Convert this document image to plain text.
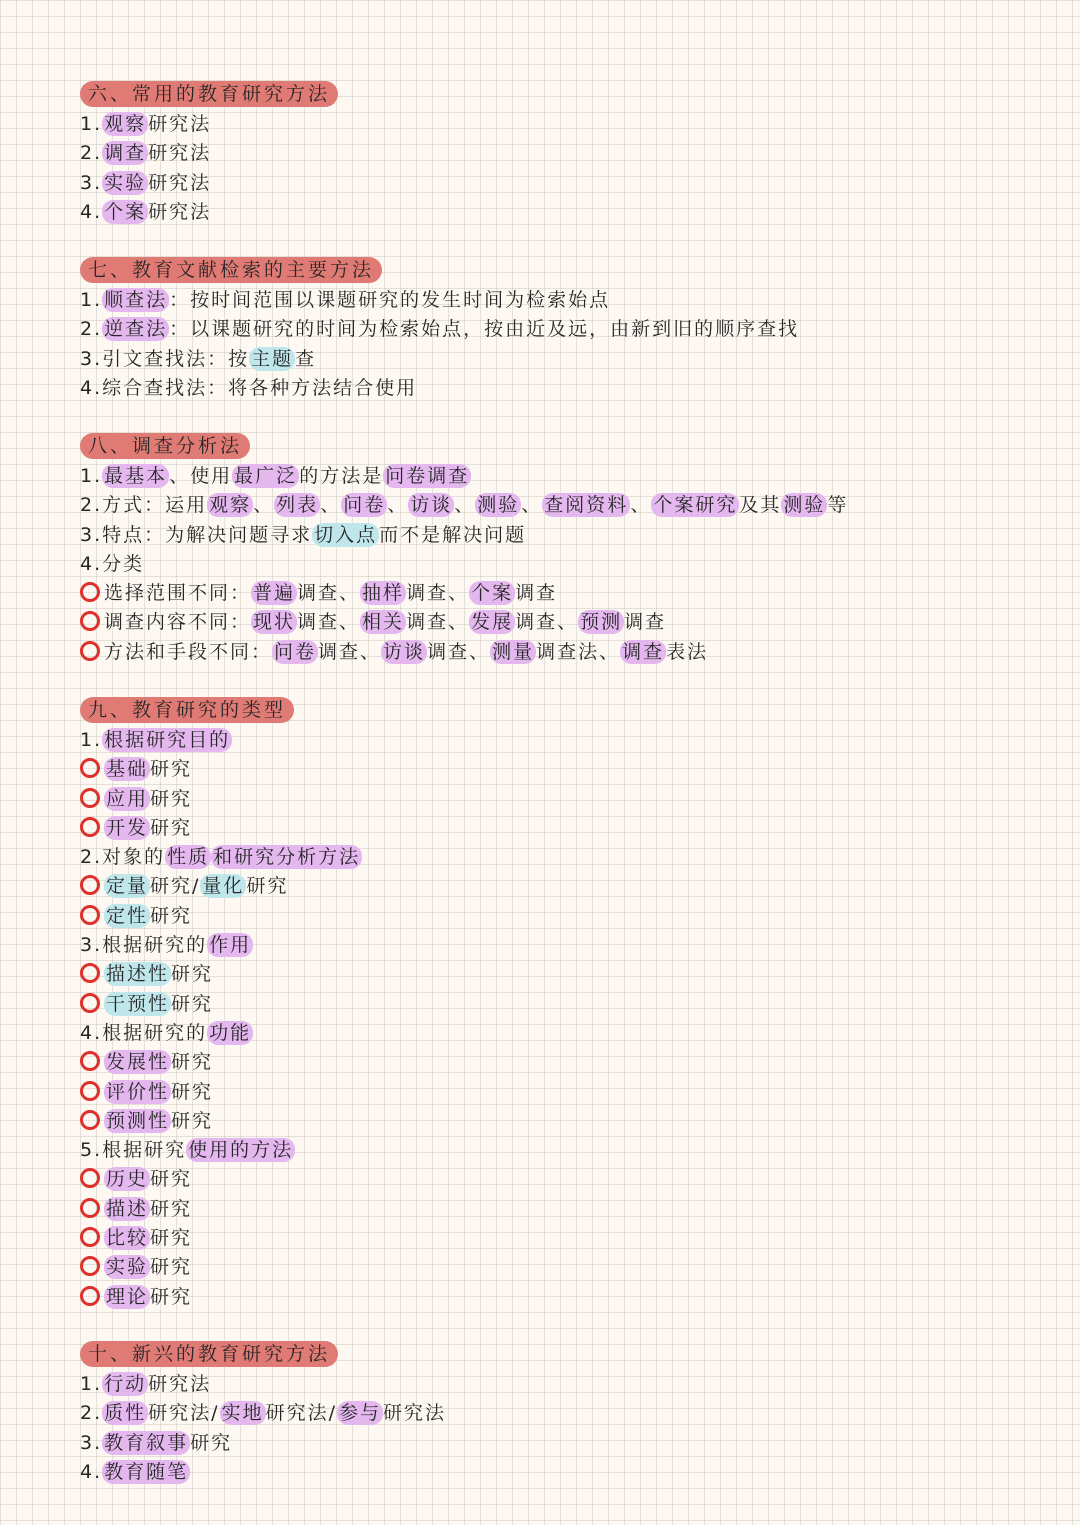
六、常用的教育研究方法
1. 观察 研究法
2. 调查 研究法
3. 实验 研究法
4. 个案 研究法
七、教育文献检索的主要方法
1. 顺查法 ：按时间范围以课题研究的发生时间为检索始点
2. 逆查法 ：以课题研究的时间为检索始点，按由近及远，由新到旧的顺序查找
3.引文查找法：按 主题 查
4.综合查找法：将各种方法结合使用
八、调查分析法
1. 最基本 、使用 最广泛 的方法是 问卷调查
2.方式：运用 观察 、 列表 、 问卷 、 访谈 、 测验 、 查阅资料 、 个案研究 及其 测验 等
3.特点：为解决问题寻求 切入点 而不是解决问题
4.分类
选择范围不同： 普遍 调查、 抽样 调查、 个案 调查
调查内容不同： 现状 调查、 相关 调查、 发展 调查、 预测 调查
方法和手段不同： 问卷 调查、 访谈 调查、 测量 调查法、 调查 表法
九、教育研究的类型
1. 根据研究目的
基础 研究
应用 研究
开发 研究
2.对象的 性质 和研究分析方法
定量 研究/ 量化 研究
定性 研究
3.根据研究的 作用
描述性 研究
干预性 研究
4.根据研究的 功能
发展性 研究
评价性 研究
预测性 研究
5.根据研究 使用的方法
历史 研究
描述 研究
比较 研究
实验 研究
理论 研究
十、新兴的教育研究方法
1. 行动 研究法
2. 质性 研究法/ 实地 研究法/ 参与 研究法
3. 教育叙事 研究
4. 教育随笔
